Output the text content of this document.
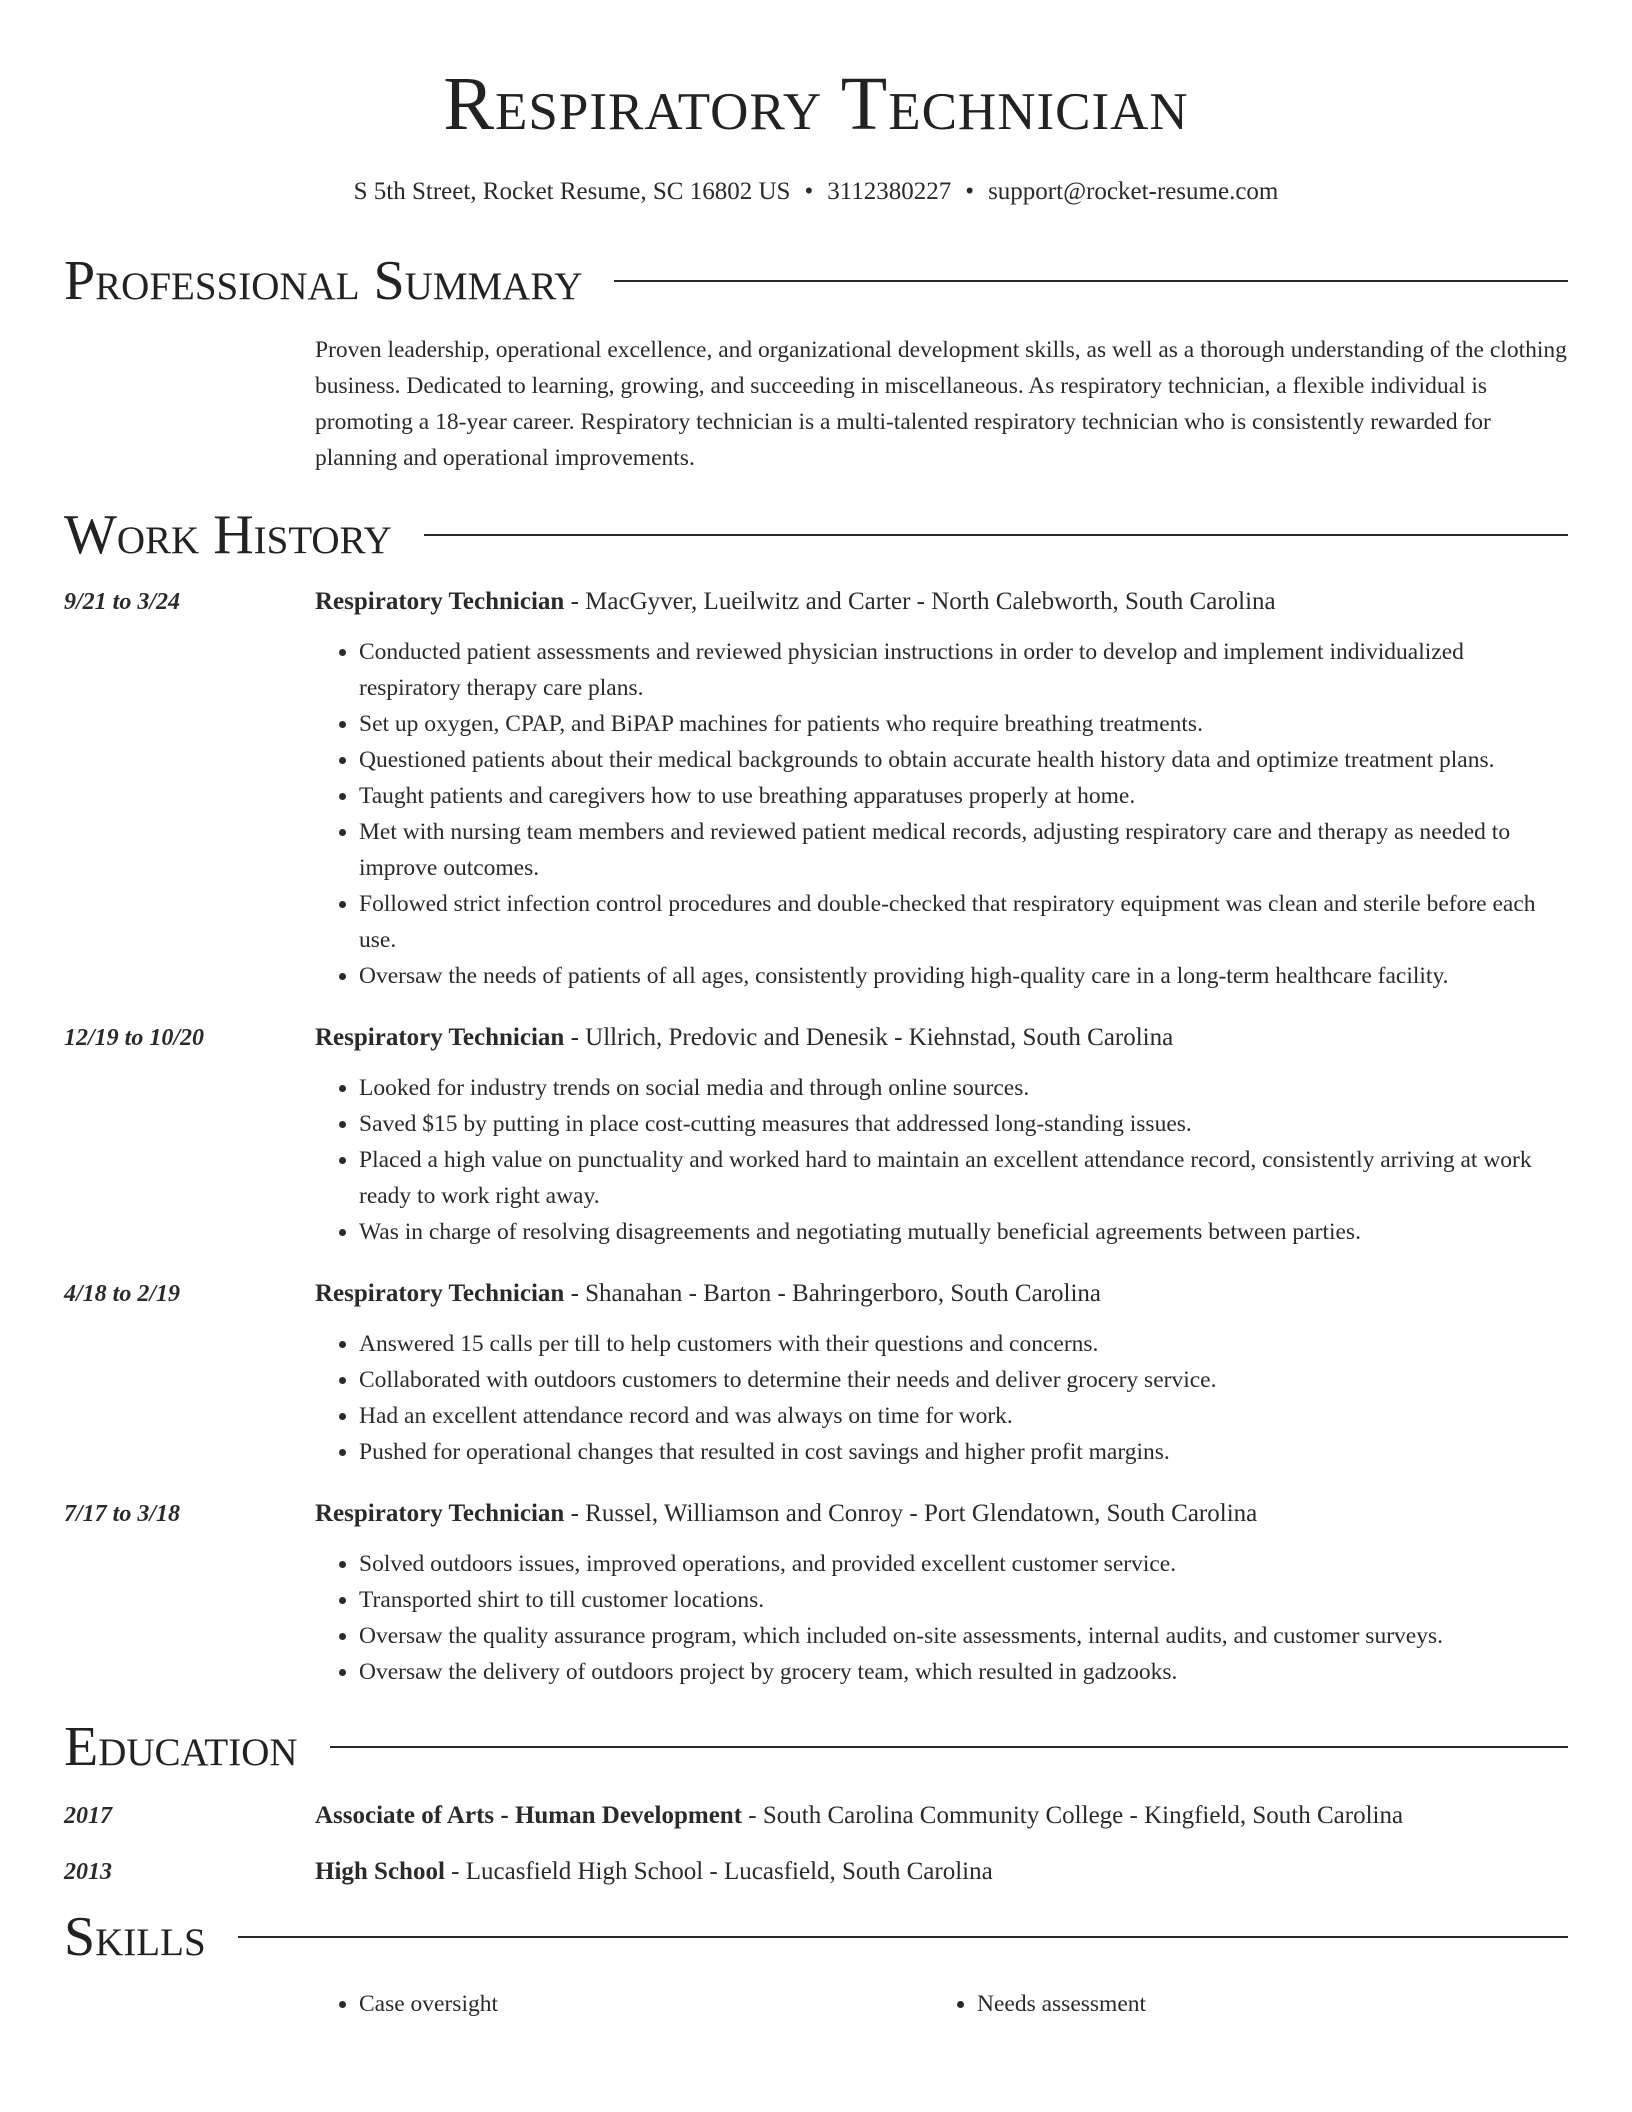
Respiratory Technician
S 5th Street, Rocket Resume, SC 16802 US • 3112380227 • support@rocket-resume.com
Professional Summary
Proven leadership, operational excellence, and organizational development skills, as well as a thorough understanding of the clothing business. Dedicated to learning, growing, and succeeding in miscellaneous. As respiratory technician, a flexible individual is promoting a 18-year career. Respiratory technician is a multi-talented respiratory technician who is consistently rewarded for planning and operational improvements.
Work History
9/21 to 3/24	Respiratory Technician - MacGyver, Lueilwitz and Carter - North Calebworth, South Carolina
• Conducted patient assessments and reviewed physician instructions in order to develop and implement individualized respiratory therapy care plans.
• Set up oxygen, CPAP, and BiPAP machines for patients who require breathing treatments.
• Questioned patients about their medical backgrounds to obtain accurate health history data and optimize treatment plans.
• Taught patients and caregivers how to use breathing apparatuses properly at home.
• Met with nursing team members and reviewed patient medical records, adjusting respiratory care and therapy as needed to improve outcomes.
• Followed strict infection control procedures and double-checked that respiratory equipment was clean and sterile before each use.
• Oversaw the needs of patients of all ages, consistently providing high-quality care in a long-term healthcare facility.
12/19 to 10/20	Respiratory Technician - Ullrich, Predovic and Denesik - Kiehnstad, South Carolina
• Looked for industry trends on social media and through online sources.
• Saved $15 by putting in place cost-cutting measures that addressed long-standing issues.
• Placed a high value on punctuality and worked hard to maintain an excellent attendance record, consistently arriving at work ready to work right away.
• Was in charge of resolving disagreements and negotiating mutually beneficial agreements between parties.
4/18 to 2/19	Respiratory Technician - Shanahan - Barton - Bahringerboro, South Carolina
• Answered 15 calls per till to help customers with their questions and concerns.
• Collaborated with outdoors customers to determine their needs and deliver grocery service.
• Had an excellent attendance record and was always on time for work.
• Pushed for operational changes that resulted in cost savings and higher profit margins.
7/17 to 3/18	Respiratory Technician - Russel, Williamson and Conroy - Port Glendatown, South Carolina
• Solved outdoors issues, improved operations, and provided excellent customer service.
• Transported shirt to till customer locations.
• Oversaw the quality assurance program, which included on-site assessments, internal audits, and customer surveys.
• Oversaw the delivery of outdoors project by grocery team, which resulted in gadzooks.
Education
2017	Associate of Arts - Human Development - South Carolina Community College - Kingfield, South Carolina
2013	High School - Lucasfield High School - Lucasfield, South Carolina
Skills
• Case oversight
•	Needs assessment
